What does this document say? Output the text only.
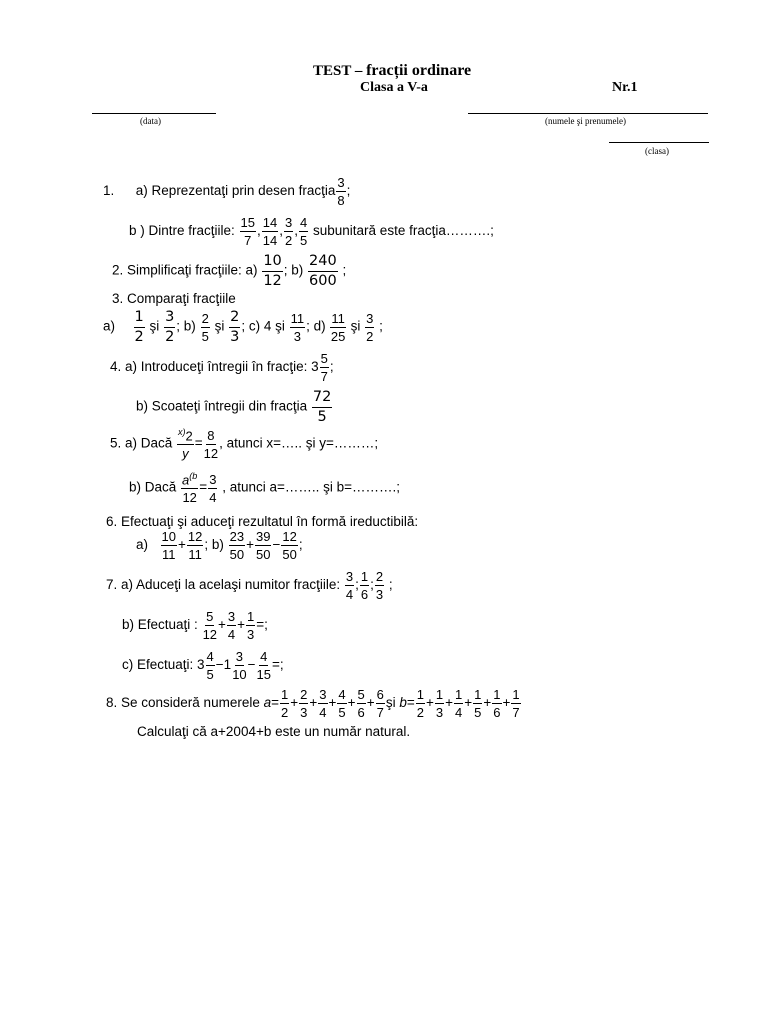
TEST – fracții ordinare
Clasa a V-a	Nr.1
(data)	(numele şi prenumele)
(clasa)
1. a) Reprezentaţi prin desen fracţia $\frac{3}{8}$ ;
b ) Dintre fracţiile: $\frac{15}{7}$ , $\frac{14}{14}$ , $\frac{3}{2}$ , $\frac{4}{5}$ subunitară este fracţia……….;
2. Simplificaţi fracţiile: $a) \frac{10}{12}$ ; $b) \frac{240}{600}$ ;
3. Comparaţi fracţiile
$a) \frac{1}{2}$ şi $\frac{3}{2}$ ; $b) \frac{2}{5}$ şi $\frac{2}{3}$ ; c) 4 şi $\frac{11}{3}$ ; $d) \frac{11}{25}$ şi $\frac{3}{2}$ ;
4. a) Introduceţi întregii în fracţie: $3 \frac{5}{7}$ ;
b) Scoateţi întregii din fracţia $\frac{72}{5}$
5. a) Dacă $\frac{^{x)}2}{y} = \frac{8}{12}$ , atunci x=….. şi y=………;
b) Dacă $\frac{a^{(b}}{12} = \frac{3}{4}$ , atunci a=…….. şi b=……….;
6. Efectuaţi şi aduceţi rezultatul în formă ireductibilă:
$a) \frac{10}{11} + \frac{12}{11}$ ; $b) \frac{23}{50} + \frac{39}{50} - \frac{12}{50}$ ;
7. a) Aduceţi la acelaşi numitor fracţiile: $\frac{3}{4}$ ; $\frac{1}{6}$ ; $\frac{2}{3}$ ;
b) Efectuaţi : $\frac{5}{12} + \frac{3}{4} + \frac{1}{3}$ =;
c) Efectuaţi: $3 \frac{4}{5} -1 \frac{3}{10} - \frac{4}{15}$ =;
8. Se consideră numerele $a= \frac{1}{2} + \frac{2}{3} + \frac{3}{4} + \frac{4}{5} + \frac{5}{6} + \frac{6}{7}$ şi $b= \frac{1}{2} + \frac{1}{3} + \frac{1}{4} + \frac{1}{5} + \frac{1}{6} + \frac{1}{7}$
Calculaţi că a+2004+b este un număr natural.
